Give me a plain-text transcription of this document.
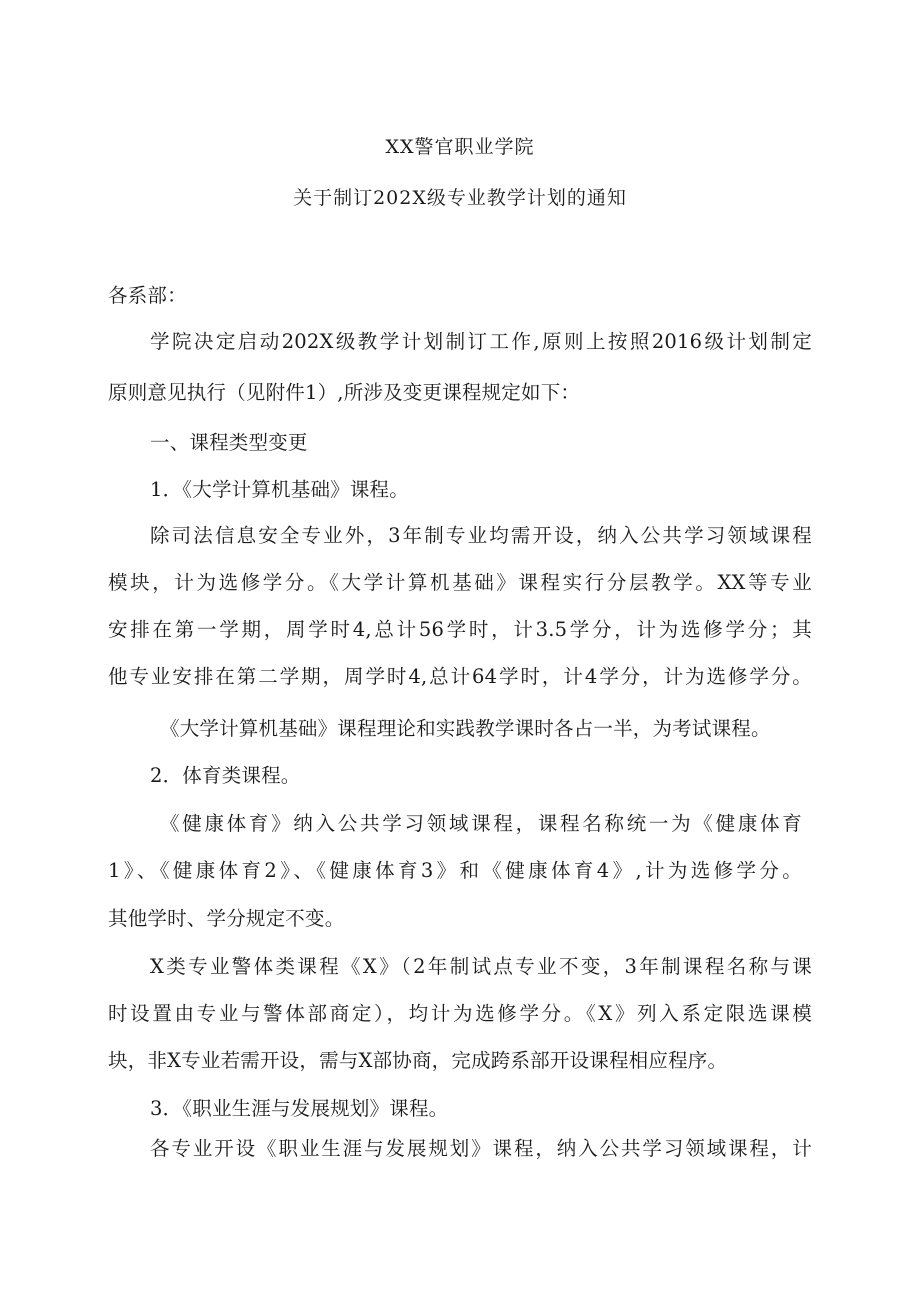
XX警官职业学院
关于制订202X级专业教学计划的通知
各系部：
学院决定启动202X级教学计划制订工作,原则上按照2016级计划制定
原则意见执行（见附件1）,所涉及变更课程规定如下：
一、课程类型变更
1．《大学计算机基础》课程。
除司法信息安全专业外，3年制专业均需开设，纳入公共学习领域课程
模块，计为选修学分。《大学计算机基础》课程实行分层教学。XX等专业
安排在第一学期，周学时4,总计56学时，计3.5学分，计为选修学分；其
他专业安排在第二学期，周学时4,总计64学时，计4学分，计为选修学分。
《大学计算机基础》课程理论和实践教学课时各占一半，为考试课程。
2．体育类课程。
《健康体育》纳入公共学习领域课程，课程名称统一为《健康体育
1》、《健康体育2》、《健康体育3》和《健康体育4》,计为选修学分。
其他学时、学分规定不变。
X类专业警体类课程《X》（2年制试点专业不变，3年制课程名称与课
时设置由专业与警体部商定），均计为选修学分。《X》列入系定限选课模
块，非X专业若需开设，需与X部协商，完成跨系部开设课程相应程序。
3．《职业生涯与发展规划》课程。
各专业开设《职业生涯与发展规划》课程，纳入公共学习领域课程，计
